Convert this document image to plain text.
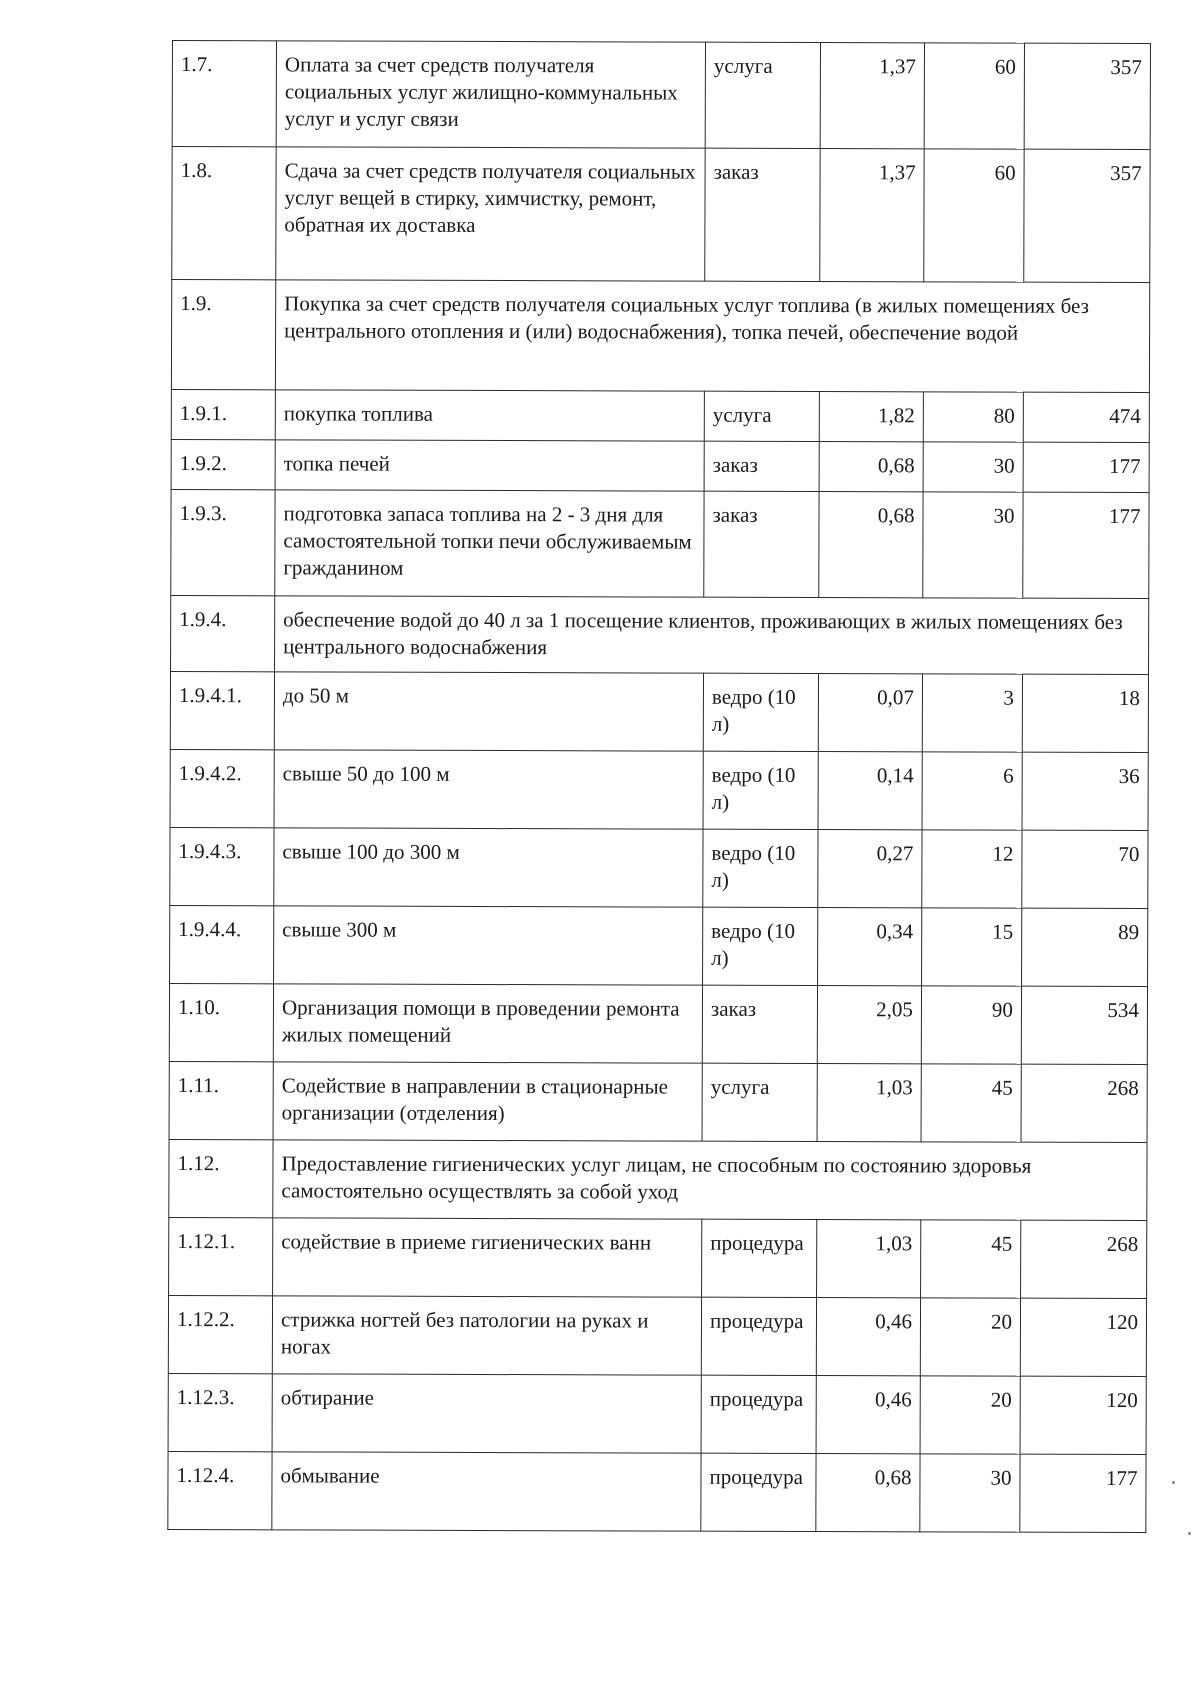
1.7.	Оплата за счет средств получателя социальных услуг жилищно-коммунальных услуг и услуг связи	услуга	1,37	60	357
1.8.	Сдача за счет средств получателя социальных услуг вещей в стирку, химчистку, ремонт, обратная их доставка	заказ	1,37	60	357
1.9.	Покупка за счет средств получателя социальных услуг топлива (в жилых помещениях без центрального отопления и (или) водоснабжения), топка печей, обеспечение водой				
1.9.1.	покупка топлива	услуга	1,82	80	474
1.9.2.	топка печей	заказ	0,68	30	177
1.9.3.	подготовка запаса топлива на 2 - 3 дня для самостоятельной топки печи обслуживаемым гражданином	заказ	0,68	30	177
1.9.4.	обеспечение водой до 40 л за 1 посещение клиентов, проживающих в жилых помещениях без центрального водоснабжения				
1.9.4.1.	до 50 м	ведро (10 л)	0,07	3	18
1.9.4.2.	свыше 50 до 100 м	ведро (10 л)	0,14	6	36
1.9.4.3.	свыше 100 до 300 м	ведро (10 л)	0,27	12	70
1.9.4.4.	свыше 300 м	ведро (10 л)	0,34	15	89
1.10.	Организация помощи в проведении ремонта жилых помещений	заказ	2,05	90	534
1.11.	Содействие в направлении в стационарные организации (отделения)	услуга	1,03	45	268
1.12.	Предоставление гигиенических услуг лицам, не способным по состоянию здоровья самостоятельно осуществлять за собой уход				
1.12.1.	содействие в приеме гигиенических ванн	процедура	1,03	45	268
1.12.2.	стрижка ногтей без патологии на руках и ногах	процедура	0,46	20	120
1.12.3.	обтирание	процедура	0,46	20	120
1.12.4.	обмывание	процедура	0,68	30	177
